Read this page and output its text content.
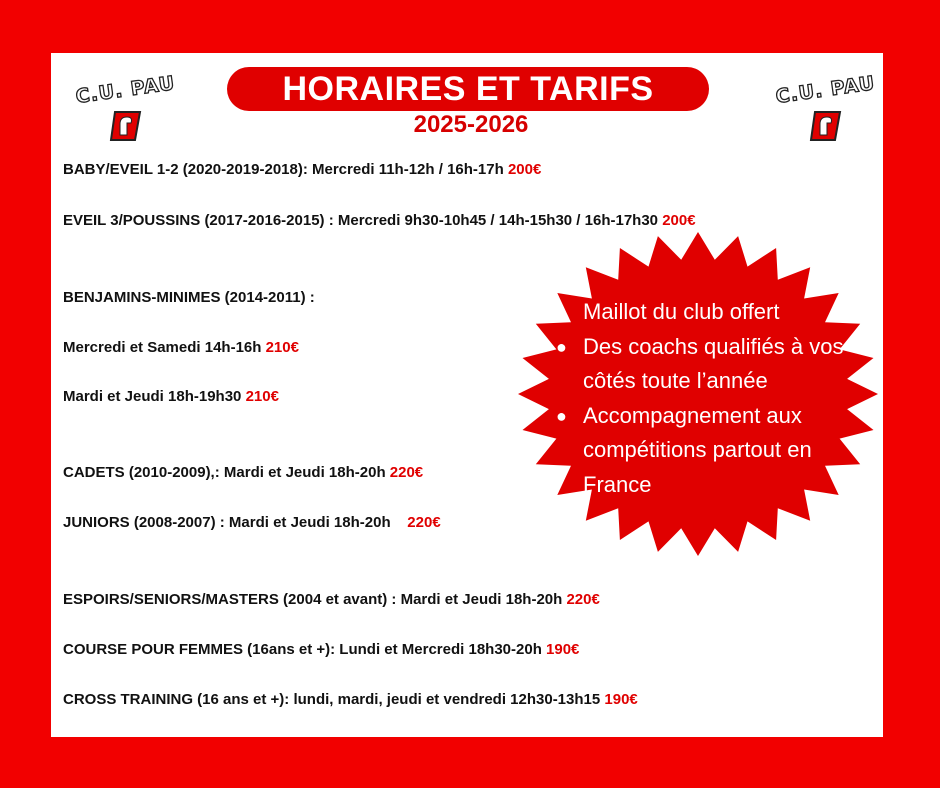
C.U. PAU	HORAIRES ET TARIFS
2025-2026
C.U. PAU
BABY/EVEIL 1-2 (2020-2019-2018): Mercredi 11h-12h / 16h-17h 200€
EVEIL 3/POUSSINS (2017-2016-2015) : Mercredi 9h30-10h45 / 14h-15h30 / 16h-17h30 200€
BENJAMINS-MINIMES (2014-2011) :
Mercredi et Samedi 14h-16h 210€
Mardi et Jeudi 18h-19h30 210€
CADETS (2010-2009),: Mardi et Jeudi 18h-20h 220€
JUNIORS (2008-2007) : Mardi et Jeudi 18h-20h    220€
ESPOIRS/SENIORS/MASTERS (2004 et avant) : Mardi et Jeudi 18h-20h 220€
COURSE POUR FEMMES (16ans et +): Lundi et Mercredi 18h30-20h 190€
CROSS TRAINING (16 ans et +): lundi, mardi, jeudi et vendredi 12h30-13h15 190€
● Maillot du club offert
● Des coachs qualifiés à vos côtés toute l’année
● Accompagnement aux compétitions partout en France
